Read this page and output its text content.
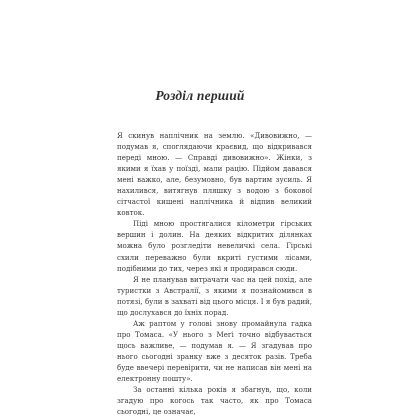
Розділ перший

Я скинув наплічник на землю. «Дивовижно, — подумав я, споглядаючи краєвид, що відкривався переді мною. — Справді дивовижно». Жінки, з якими я їхав у поїзді, мали рацію. Підйом давався мені важко, але, безумовно, був вартим зусиль. Я нахилився, витягнув пляшку з водою з бокової сітчастої кишені наплічника й відпив великий ковток.

Піді мною простягалися кілометри гірських вершин і долин. На деяких відкритих ділянках можна було розгледіти невеличкі села. Гірські схили переважно були вкриті густими лісами, подібними до тих, через які я продирався сюди.

Я не планував витрачати час на цей похід, але туристки з Австралії, з якими я познайомився в потязі, були в захваті від цього місця. І я був радий, що дослухався до їхніх порад.

Аж раптом у голові знову промайнула гадка про Томаса. «У нього з Меґі точно відбувається щось важливе, — подумав я. — Я згадував про нього сьогодні зранку вже з десяток разів. Треба буде ввечері перевірити, чи не написав він мені на електронну пошту».

За останні кілька років я збагнув, що, коли згадую про когось так часто, як про Томаса сьогодні, це означає,
